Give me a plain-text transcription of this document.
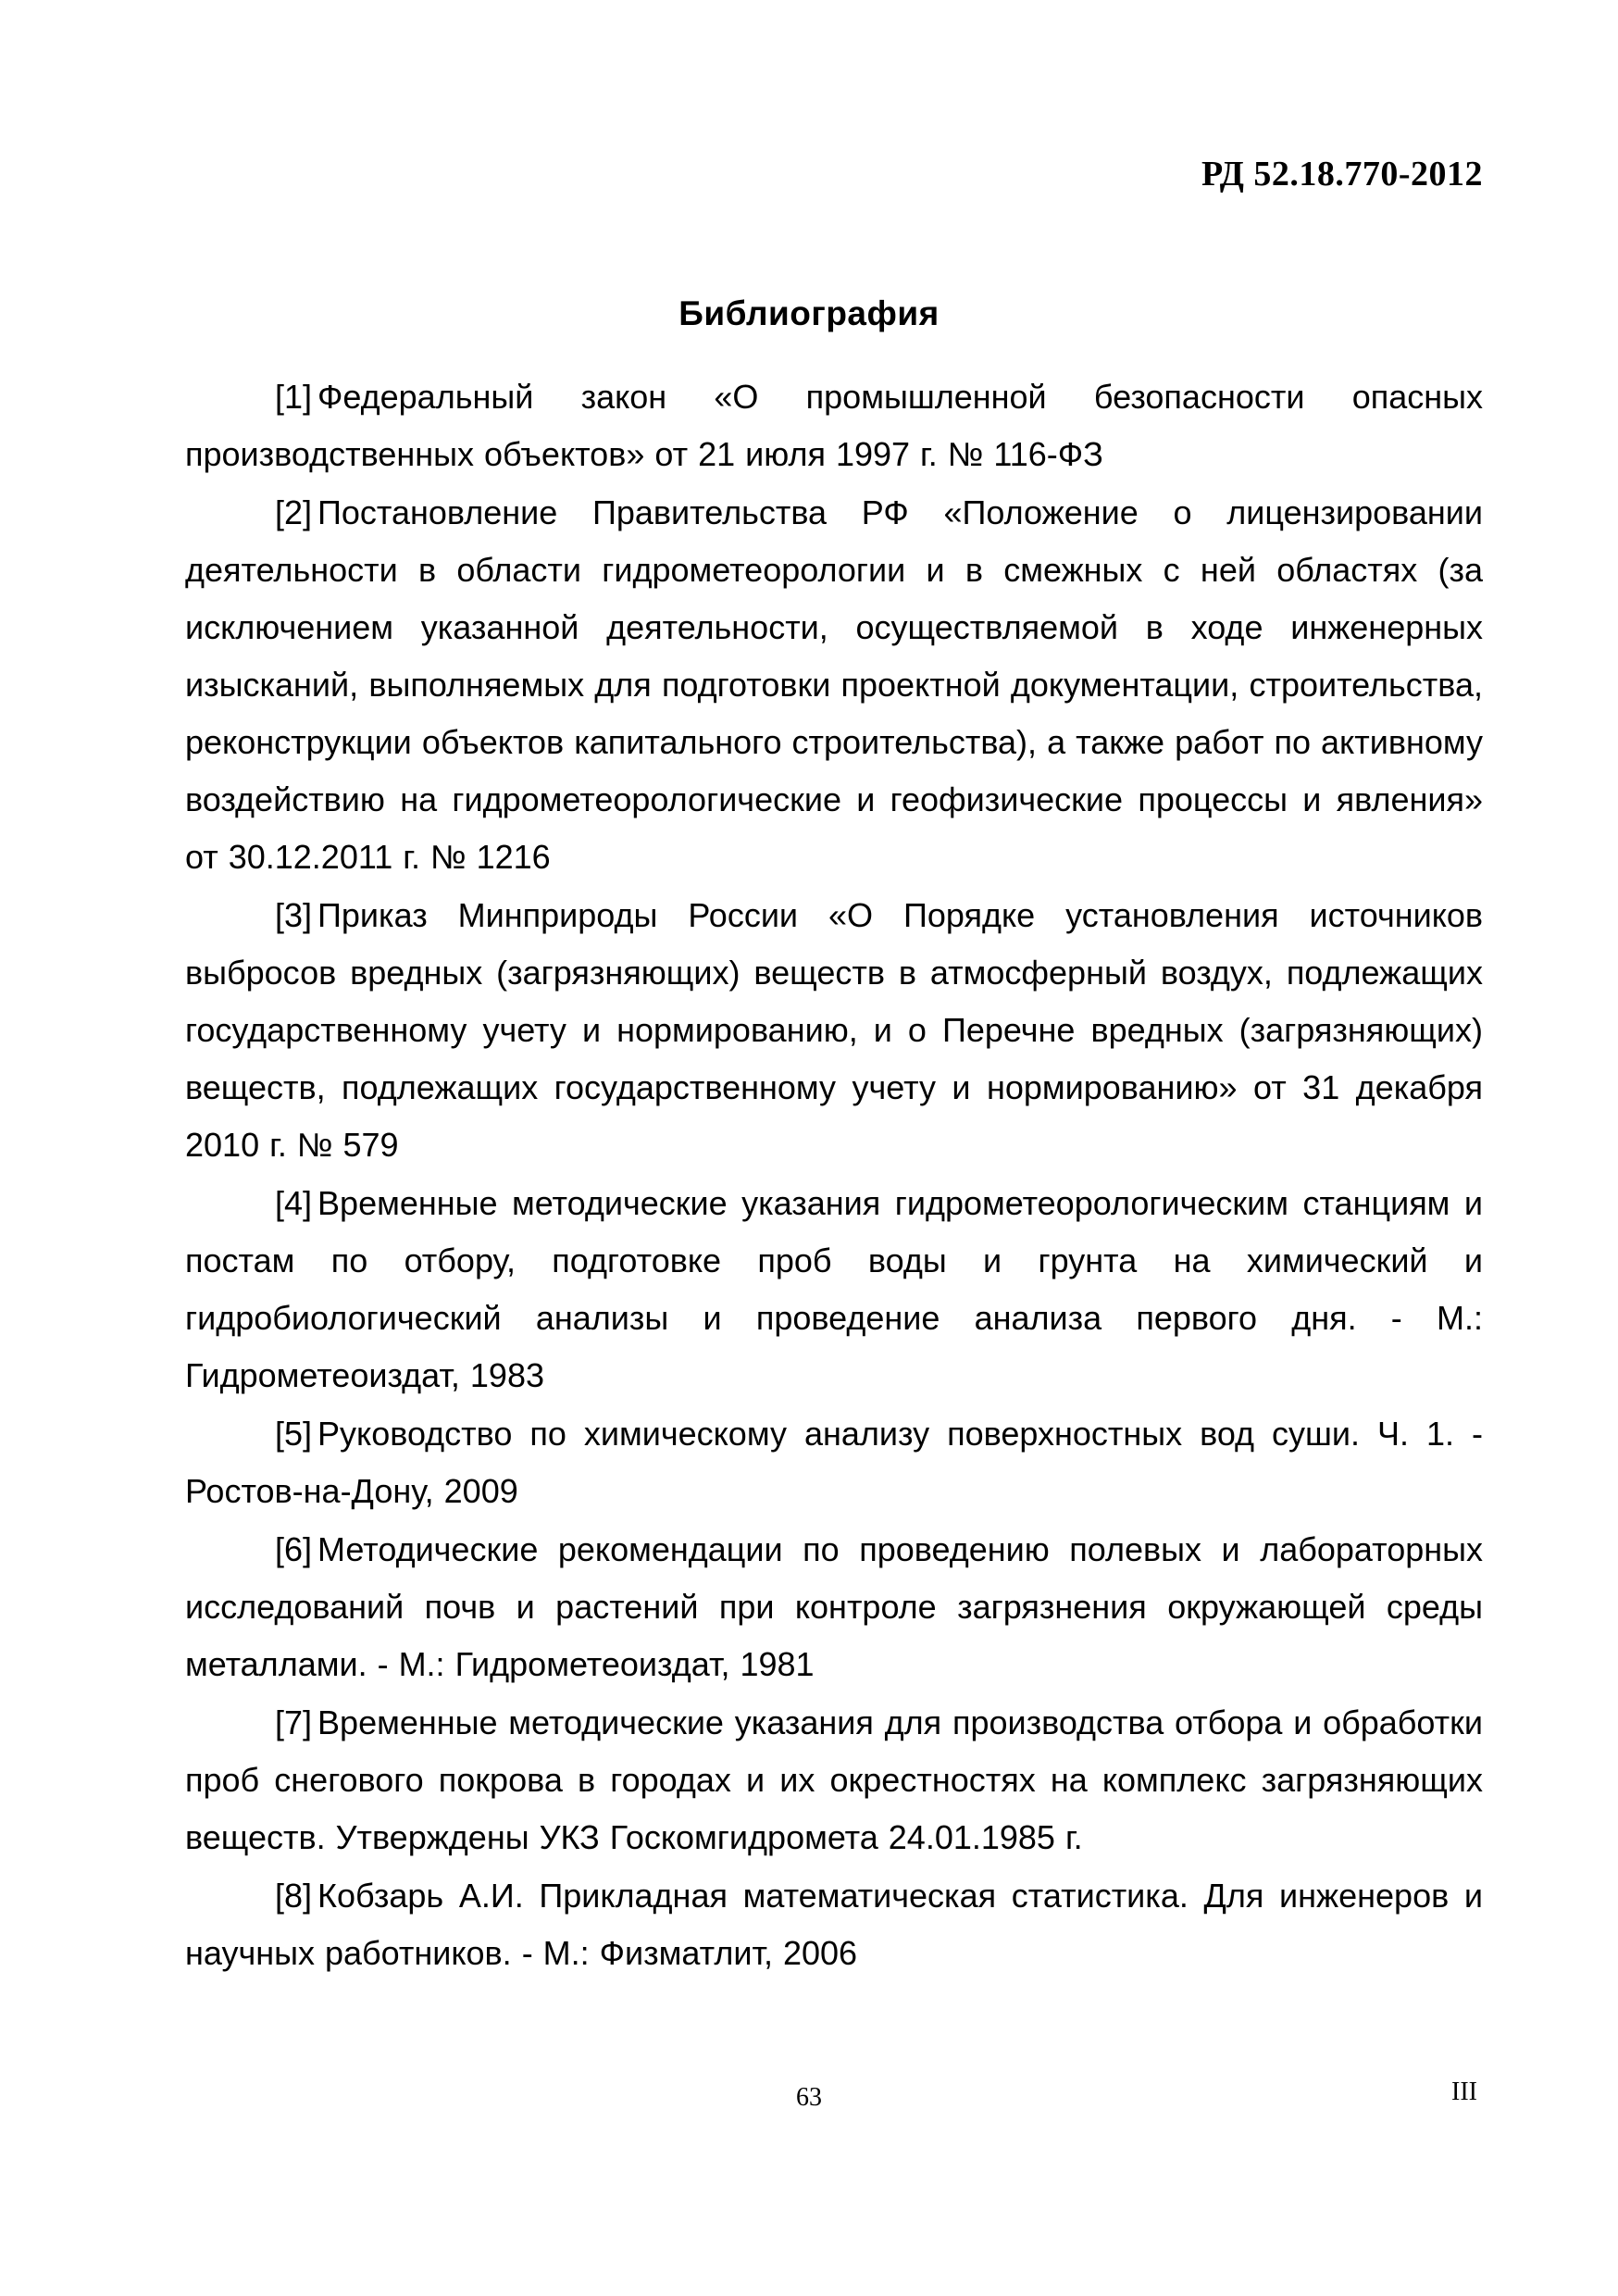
РД 52.18.770-2012

Библиография
[1] Федеральный закон «О промышленной безопасности опасных производственных объектов» от 21 июля 1997 г. № 116-ФЗ
[2] Постановление Правительства РФ «Положение о лицензировании деятельности в области гидрометеорологии и в смежных с ней областях (за исключением указанной деятельности, осуществляемой в ходе инженерных изысканий, выполняемых для подготовки проектной документации, строительства, реконструкции объектов капитального строительства), а также работ по активному воздействию на гидрометеорологические и геофизические процессы и явления» от 30.12.2011 г. № 1216
[3] Приказ Минприроды России «О Порядке установления источников выбросов вредных (загрязняющих) веществ в атмосферный воздух, подлежащих государственному учету и нормированию, и о Перечне вредных (загрязняющих) веществ, подлежащих государственному учету и нормированию» от 31 декабря 2010 г. № 579
[4] Временные методические указания гидрометеорологическим станциям и постам по отбору, подготовке проб воды и грунта на химический и гидробиологический анализы и проведение анализа первого дня. - М.: Гидрометеоиздат, 1983
[5] Руководство по химическому анализу поверхностных вод суши. Ч. 1. - Ростов-на-Дону, 2009
[6] Методические рекомендации по проведению полевых и лабораторных исследований почв и растений при контроле загрязнения окружающей среды металлами. - М.: Гидрометеоиздат, 1981
[7] Временные методические указания для производства отбора и обработки проб снегового покрова в городах и их окрестностях на комплекс загрязняющих веществ. Утверждены УКЗ Госкомгидромета 24.01.1985 г.
[8] Кобзарь А.И. Прикладная математическая статистика. Для инженеров и научных работников. - М.: Физматлит, 2006

63	III
